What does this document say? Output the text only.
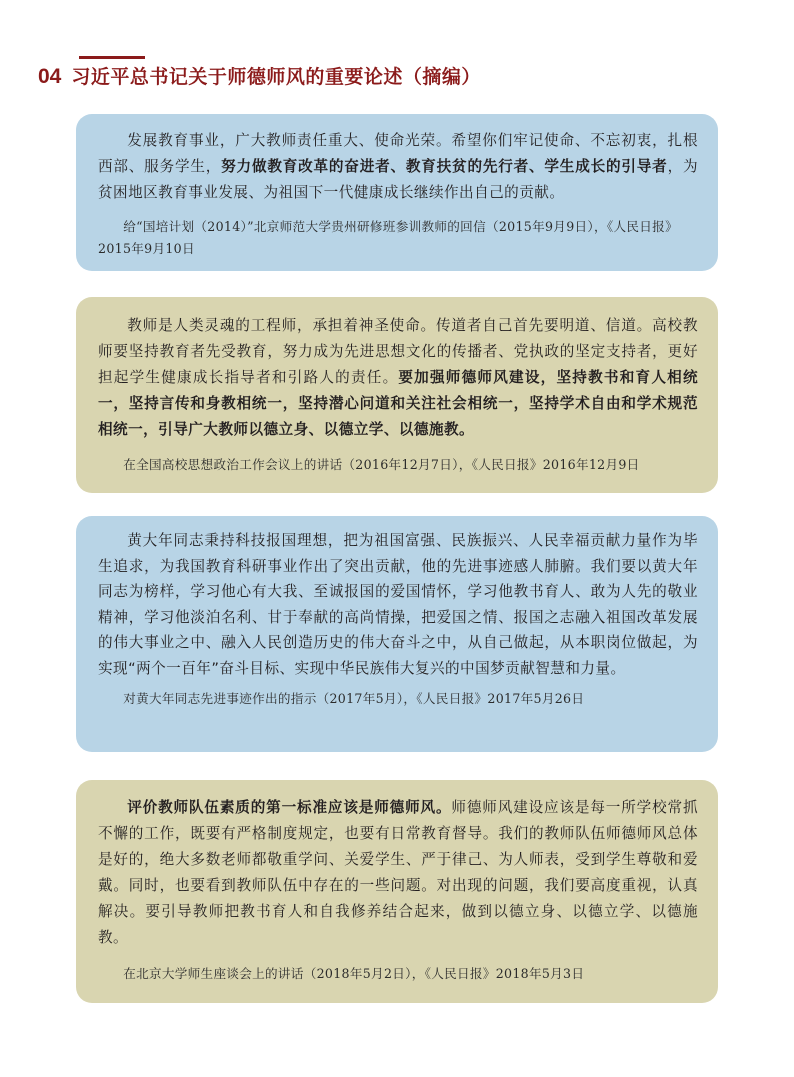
04 习近平总书记关于师德师风的重要论述（摘编）

发展教育事业，广大教师责任重大、使命光荣。希望你们牢记使命、不忘初衷，扎根西部、服务学生，努力做教育改革的奋进者、教育扶贫的先行者、学生成长的引导者，为贫困地区教育事业发展、为祖国下一代健康成长继续作出自己的贡献。

给“国培计划（2014）”北京师范大学贵州研修班参训教师的回信（2015年9月9日），《人民日报》2015年9月10日

教师是人类灵魂的工程师，承担着神圣使命。传道者自己首先要明道、信道。高校教师要坚持教育者先受教育，努力成为先进思想文化的传播者、党执政的坚定支持者，更好担起学生健康成长指导者和引路人的责任。要加强师德师风建设，坚持教书和育人相统一，坚持言传和身教相统一，坚持潜心问道和关注社会相统一，坚持学术自由和学术规范相统一，引导广大教师以德立身、以德立学、以德施教。

在全国高校思想政治工作会议上的讲话（2016年12月7日），《人民日报》2016年12月9日

黄大年同志秉持科技报国理想，把为祖国富强、民族振兴、人民幸福贡献力量作为毕生追求，为我国教育科研事业作出了突出贡献，他的先进事迹感人肺腑。我们要以黄大年同志为榜样，学习他心有大我、至诚报国的爱国情怀，学习他教书育人、敢为人先的敬业精神，学习他淡泊名利、甘于奉献的高尚情操，把爱国之情、报国之志融入祖国改革发展的伟大事业之中、融入人民创造历史的伟大奋斗之中，从自己做起，从本职岗位做起，为实现“两个一百年”奋斗目标、实现中华民族伟大复兴的中国梦贡献智慧和力量。

对黄大年同志先进事迹作出的指示（2017年5月），《人民日报》2017年5月26日

评价教师队伍素质的第一标准应该是师德师风。师德师风建设应该是每一所学校常抓不懈的工作，既要有严格制度规定，也要有日常教育督导。我们的教师队伍师德师风总体是好的，绝大多数老师都敬重学问、关爱学生、严于律己、为人师表，受到学生尊敬和爱戴。同时，也要看到教师队伍中存在的一些问题。对出现的问题，我们要高度重视，认真解决。要引导教师把教书育人和自我修养结合起来，做到以德立身、以德立学、以德施教。

在北京大学师生座谈会上的讲话（2018年5月2日），《人民日报》2018年5月3日
